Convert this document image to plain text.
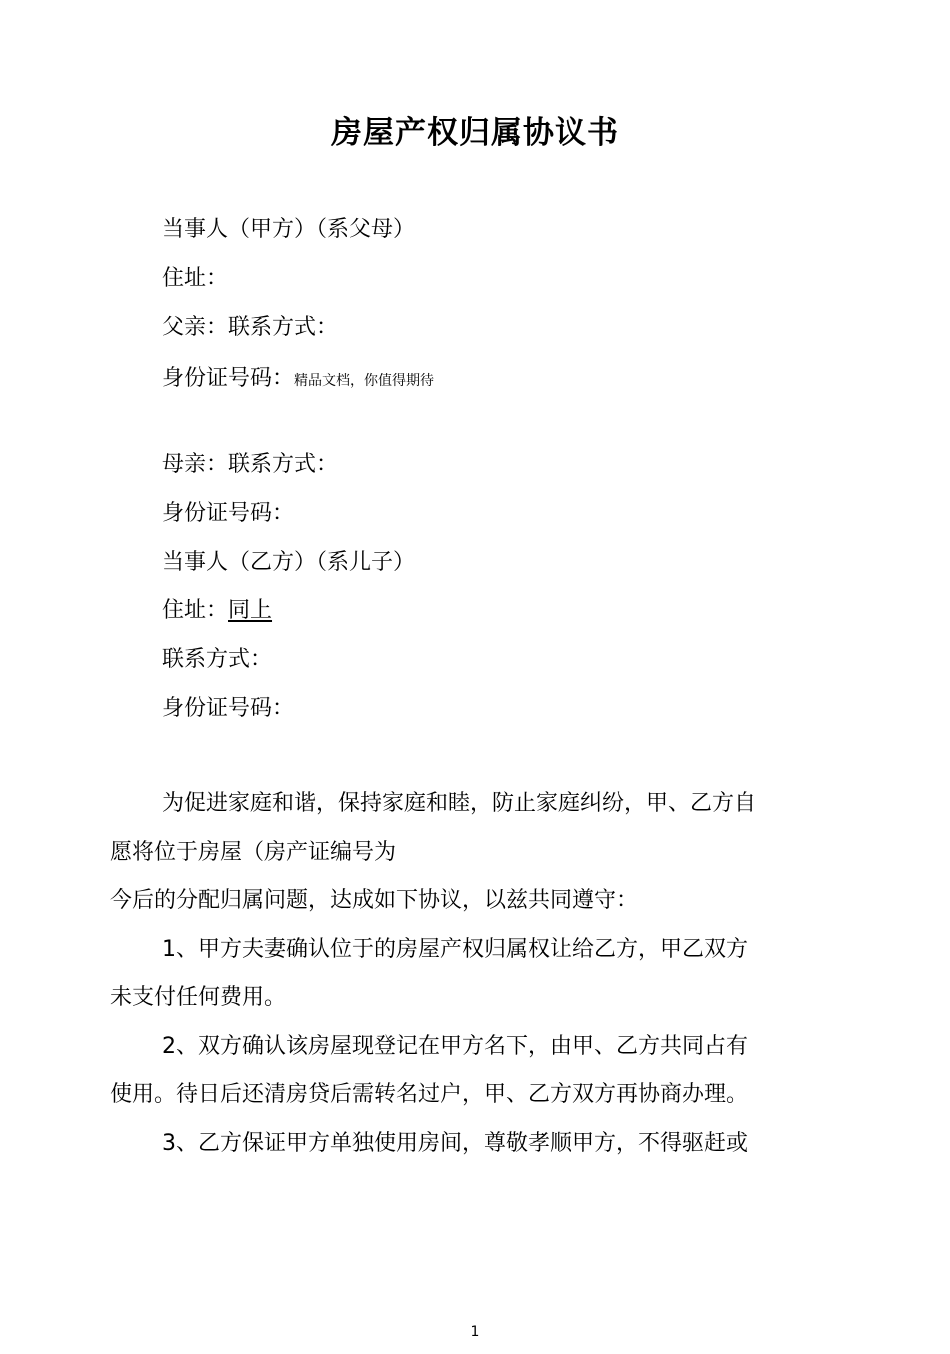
房屋产权归属协议书
当事人（甲方）（系父母）
住址：
父亲：联系方式：
身份证号码：精品文档，你值得期待
母亲：联系方式：
身份证号码：
当事人（乙方）（系儿子）
住址：同上
联系方式：
身份证号码：
为促进家庭和谐，保持家庭和睦，防止家庭纠纷，甲、乙方自
愿将位于房屋（房产证编号为
今后的分配归属问题，达成如下协议，以兹共同遵守：
1、甲方夫妻确认位于的房屋产权归属权让给乙方，甲乙双方
未支付任何费用。
2、双方确认该房屋现登记在甲方名下，由甲、乙方共同占有
使用。待日后还清房贷后需转名过户，甲、乙方双方再协商办理。
3、乙方保证甲方单独使用房间，尊敬孝顺甲方，不得驱赶或
1
